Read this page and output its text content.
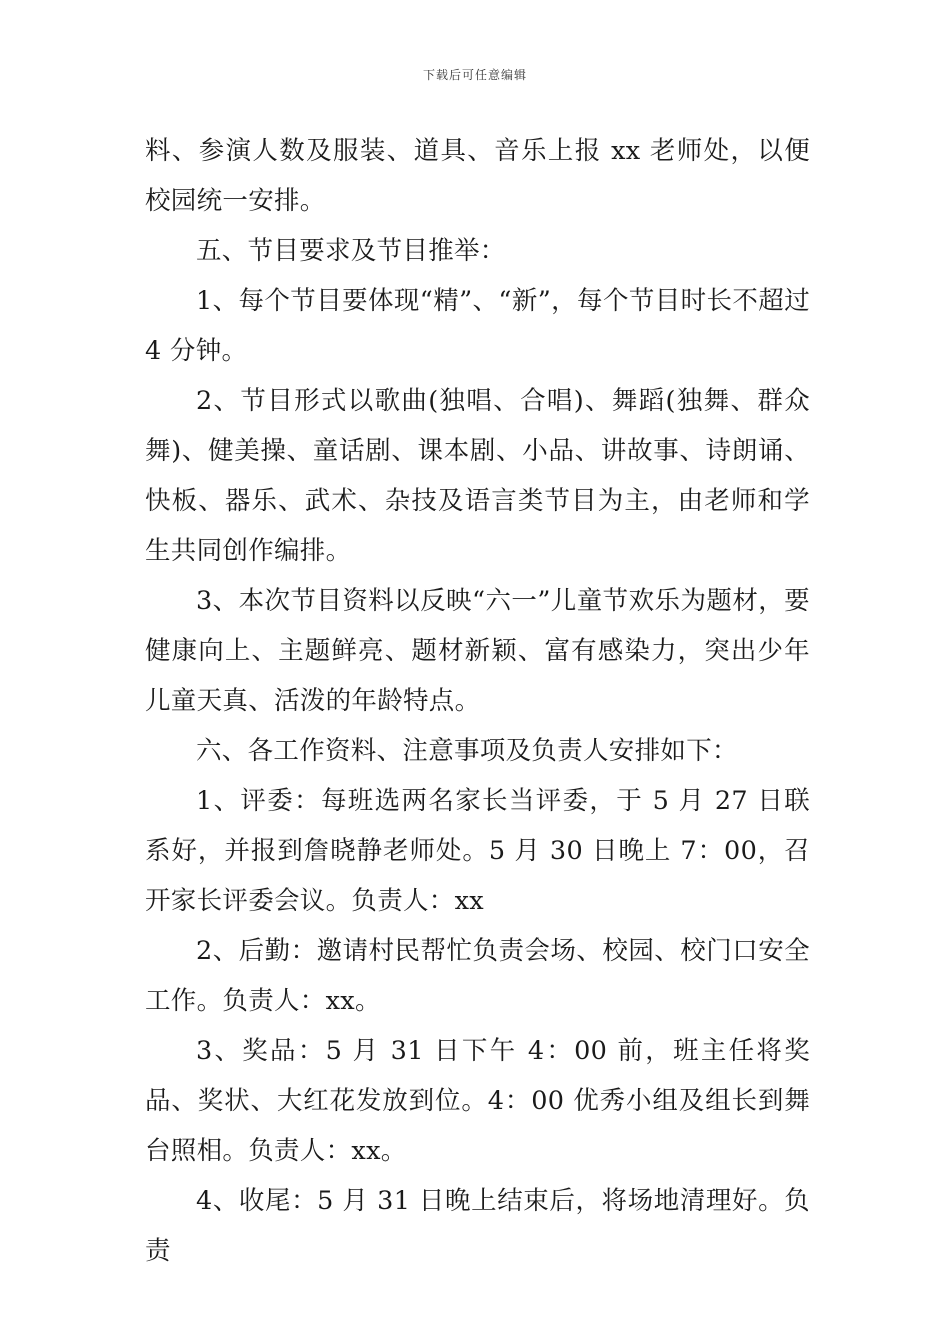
下载后可任意编辑

料、参演人数及服装、道具、音乐上报 xx 老师处，以便校园统一安排。

五、节目要求及节目推举：

1、每个节目要体现“精”、“新”，每个节目时长不超过 4 分钟。

2、节目形式以歌曲(独唱、合唱)、舞蹈(独舞、群众舞)、健美操、童话剧、课本剧、小品、讲故事、诗朗诵、快板、器乐、武术、杂技及语言类节目为主，由老师和学生共同创作编排。

3、本次节目资料以反映“六一”儿童节欢乐为题材，要健康向上、主题鲜亮、题材新颖、富有感染力，突出少年儿童天真、活泼的年龄特点。

六、各工作资料、注意事项及负责人安排如下：

1、评委：每班选两名家长当评委，于 5 月 27 日联系好，并报到詹晓静老师处。5 月 30 日晚上 7：00，召开家长评委会议。负责人：xx

2、后勤：邀请村民帮忙负责会场、校园、校门口安全工作。负责人：xx。

3、奖品：5 月 31 日下午 4：00 前，班主任将奖品、奖状、大红花发放到位。4：00 优秀小组及组长到舞台照相。负责人：xx。

4、收尾：5 月 31 日晚上结束后，将场地清理好。负责
